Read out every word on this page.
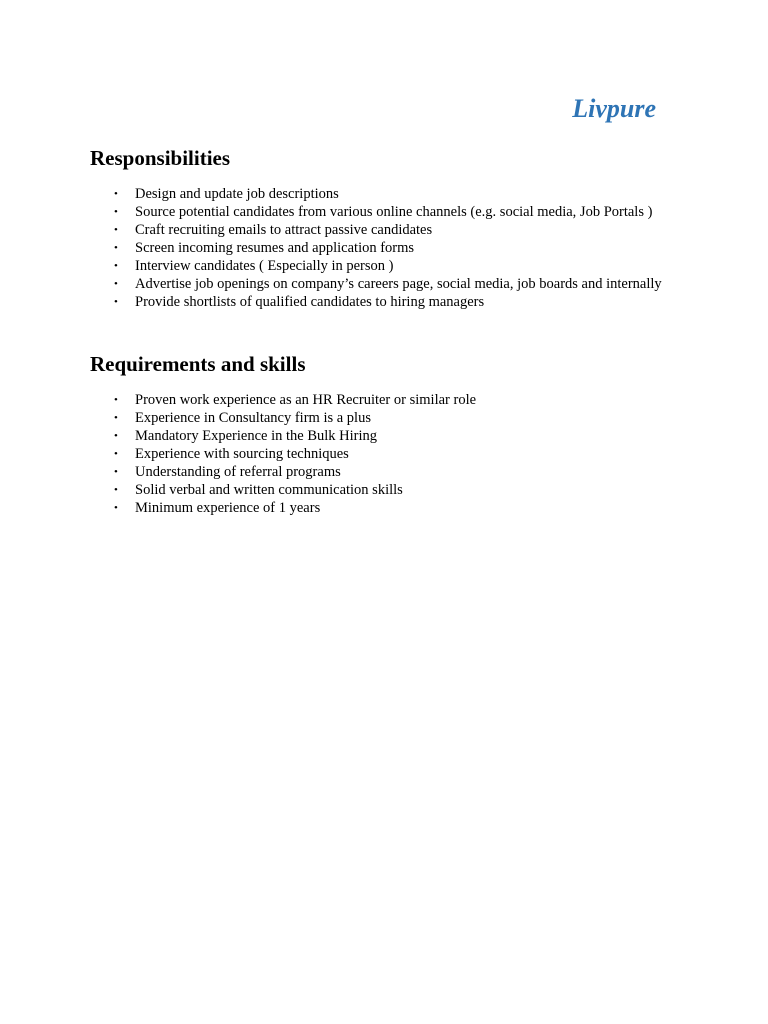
Livpure
Responsibilities
• Design and update job descriptions
• Source potential candidates from various online channels (e.g. social media, Job Portals )
• Craft recruiting emails to attract passive candidates
• Screen incoming resumes and application forms
• Interview candidates ( Especially in person )
• Advertise job openings on company’s careers page, social media, job boards and internally
• Provide shortlists of qualified candidates to hiring managers
Requirements and skills
• Proven work experience as an HR Recruiter or similar role
• Experience in Consultancy firm is a plus
• Mandatory Experience in the Bulk Hiring
• Experience with sourcing techniques
• Understanding of referral programs
• Solid verbal and written communication skills
• Minimum experience of 1 years
